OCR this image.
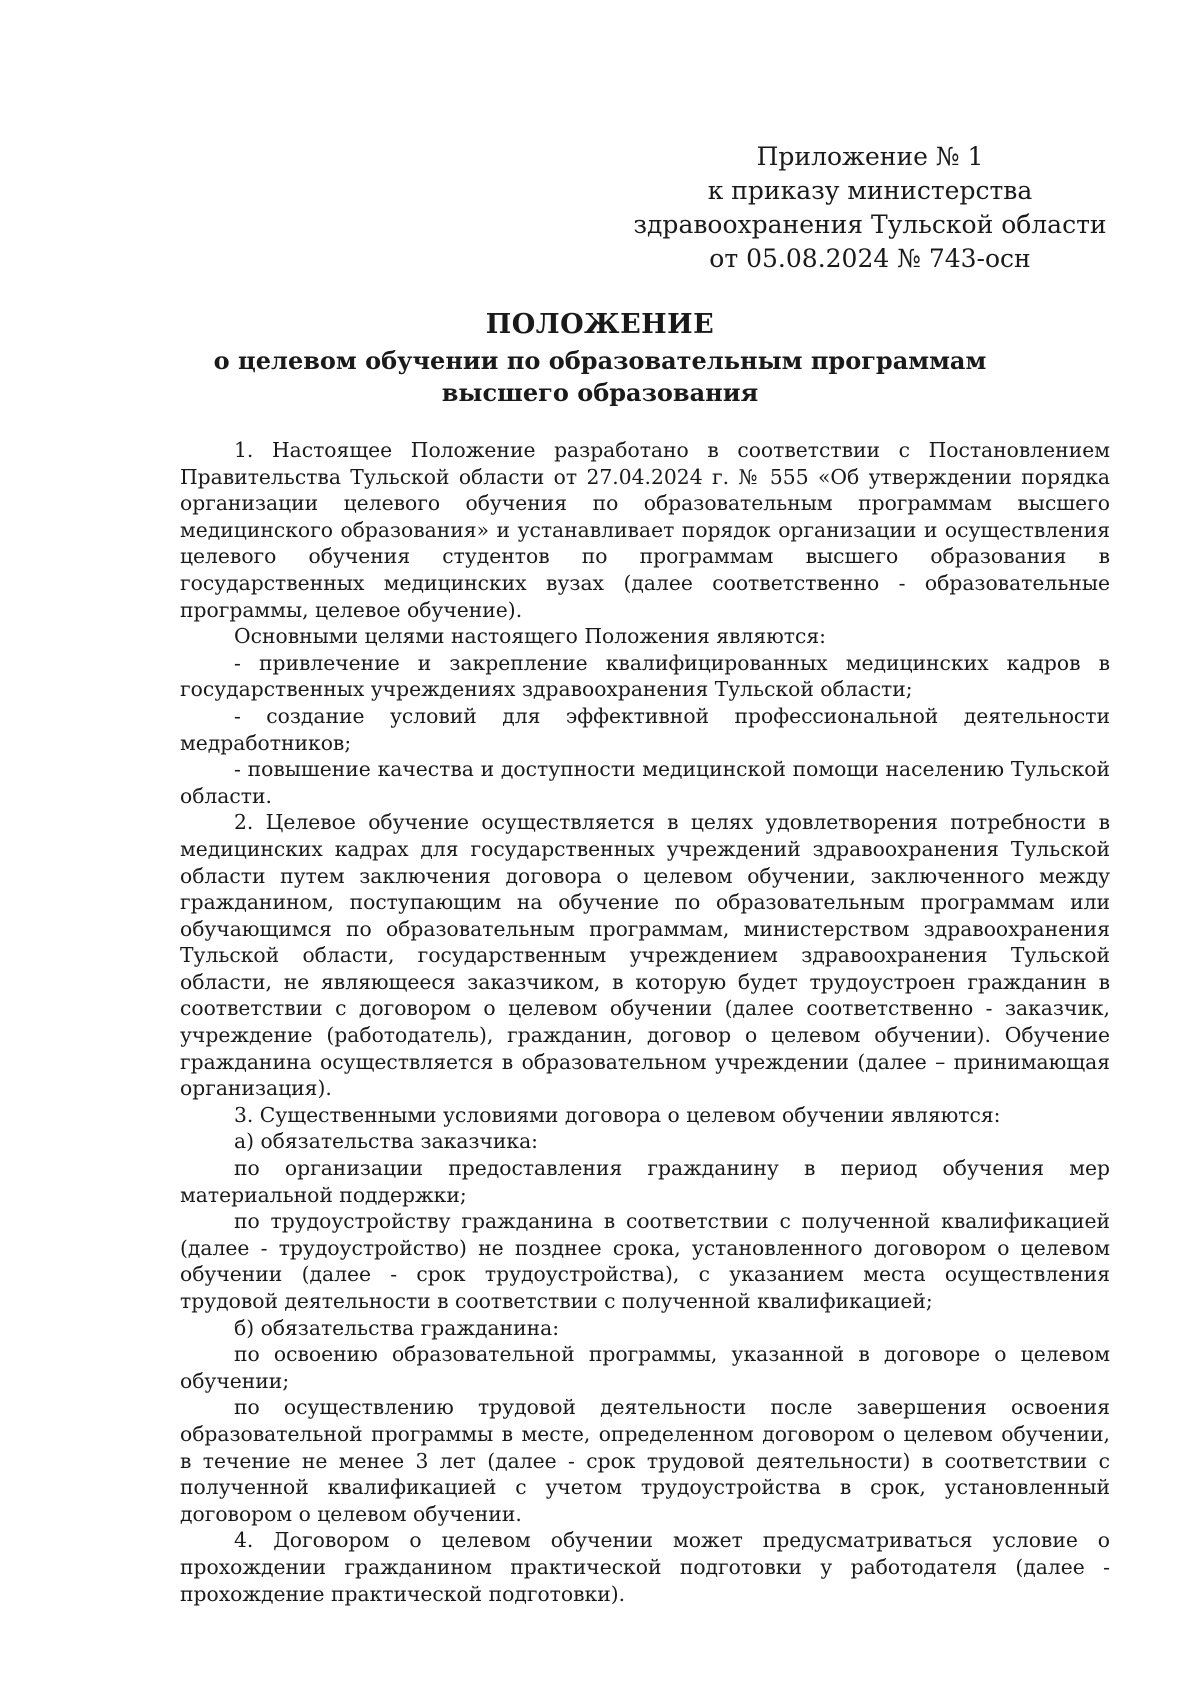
Приложение № 1
к приказу министерства
здравоохранения Тульской области
от 05.08.2024 № 743-осн
ПОЛОЖЕНИЕ
о целевом обучении по образовательным программам
высшего образования

1. Настоящее Положение разработано в соответствии с Постановлением Правительства Тульской области от 27.04.2024 г. № 555 «Об утверждении порядка организации целевого обучения по образовательным программам высшего медицинского образования» и устанавливает порядок организации и осуществления целевого обучения студентов по программам высшего образования в государственных медицинских вузах (далее соответственно - образовательные программы, целевое обучение).

Основными целями настоящего Положения являются:

- привлечение и закрепление квалифицированных медицинских кадров в государственных учреждениях здравоохранения Тульской области;

- создание условий для эффективной профессиональной деятельности медработников;

- повышение качества и доступности медицинской помощи населению Тульской области.

2. Целевое обучение осуществляется в целях удовлетворения потребности в медицинских кадрах для государственных учреждений здравоохранения Тульской области путем заключения договора о целевом обучении, заключенного между гражданином, поступающим на обучение по образовательным программам или обучающимся по образовательным программам, министерством здравоохранения Тульской области, государственным учреждением здравоохранения Тульской области, не являющееся заказчиком, в которую будет трудоустроен гражданин в соответствии с договором о целевом обучении (далее соответственно - заказчик, учреждение (работодатель), гражданин, договор о целевом обучении). Обучение гражданина осуществляется в образовательном учреждении (далее – принимающая организация).

3. Существенными условиями договора о целевом обучении являются:

а) обязательства заказчика:

по организации предоставления гражданину в период обучения мер материальной поддержки;

по трудоустройству гражданина в соответствии с полученной квалификацией (далее - трудоустройство) не позднее срока, установленного договором о целевом обучении (далее - срок трудоустройства), с указанием места осуществления трудовой деятельности в соответствии с полученной квалификацией;

б) обязательства гражданина:

по освоению образовательной программы, указанной в договоре о целевом обучении;

по осуществлению трудовой деятельности после завершения освоения образовательной программы в месте, определенном договором о целевом обучении, в течение не менее 3 лет (далее - срок трудовой деятельности) в соответствии с полученной квалификацией с учетом трудоустройства в срок, установленный договором о целевом обучении.

4. Договором о целевом обучении может предусматриваться условие о прохождении гражданином практической подготовки у работодателя (далее - прохождение практической подготовки).
